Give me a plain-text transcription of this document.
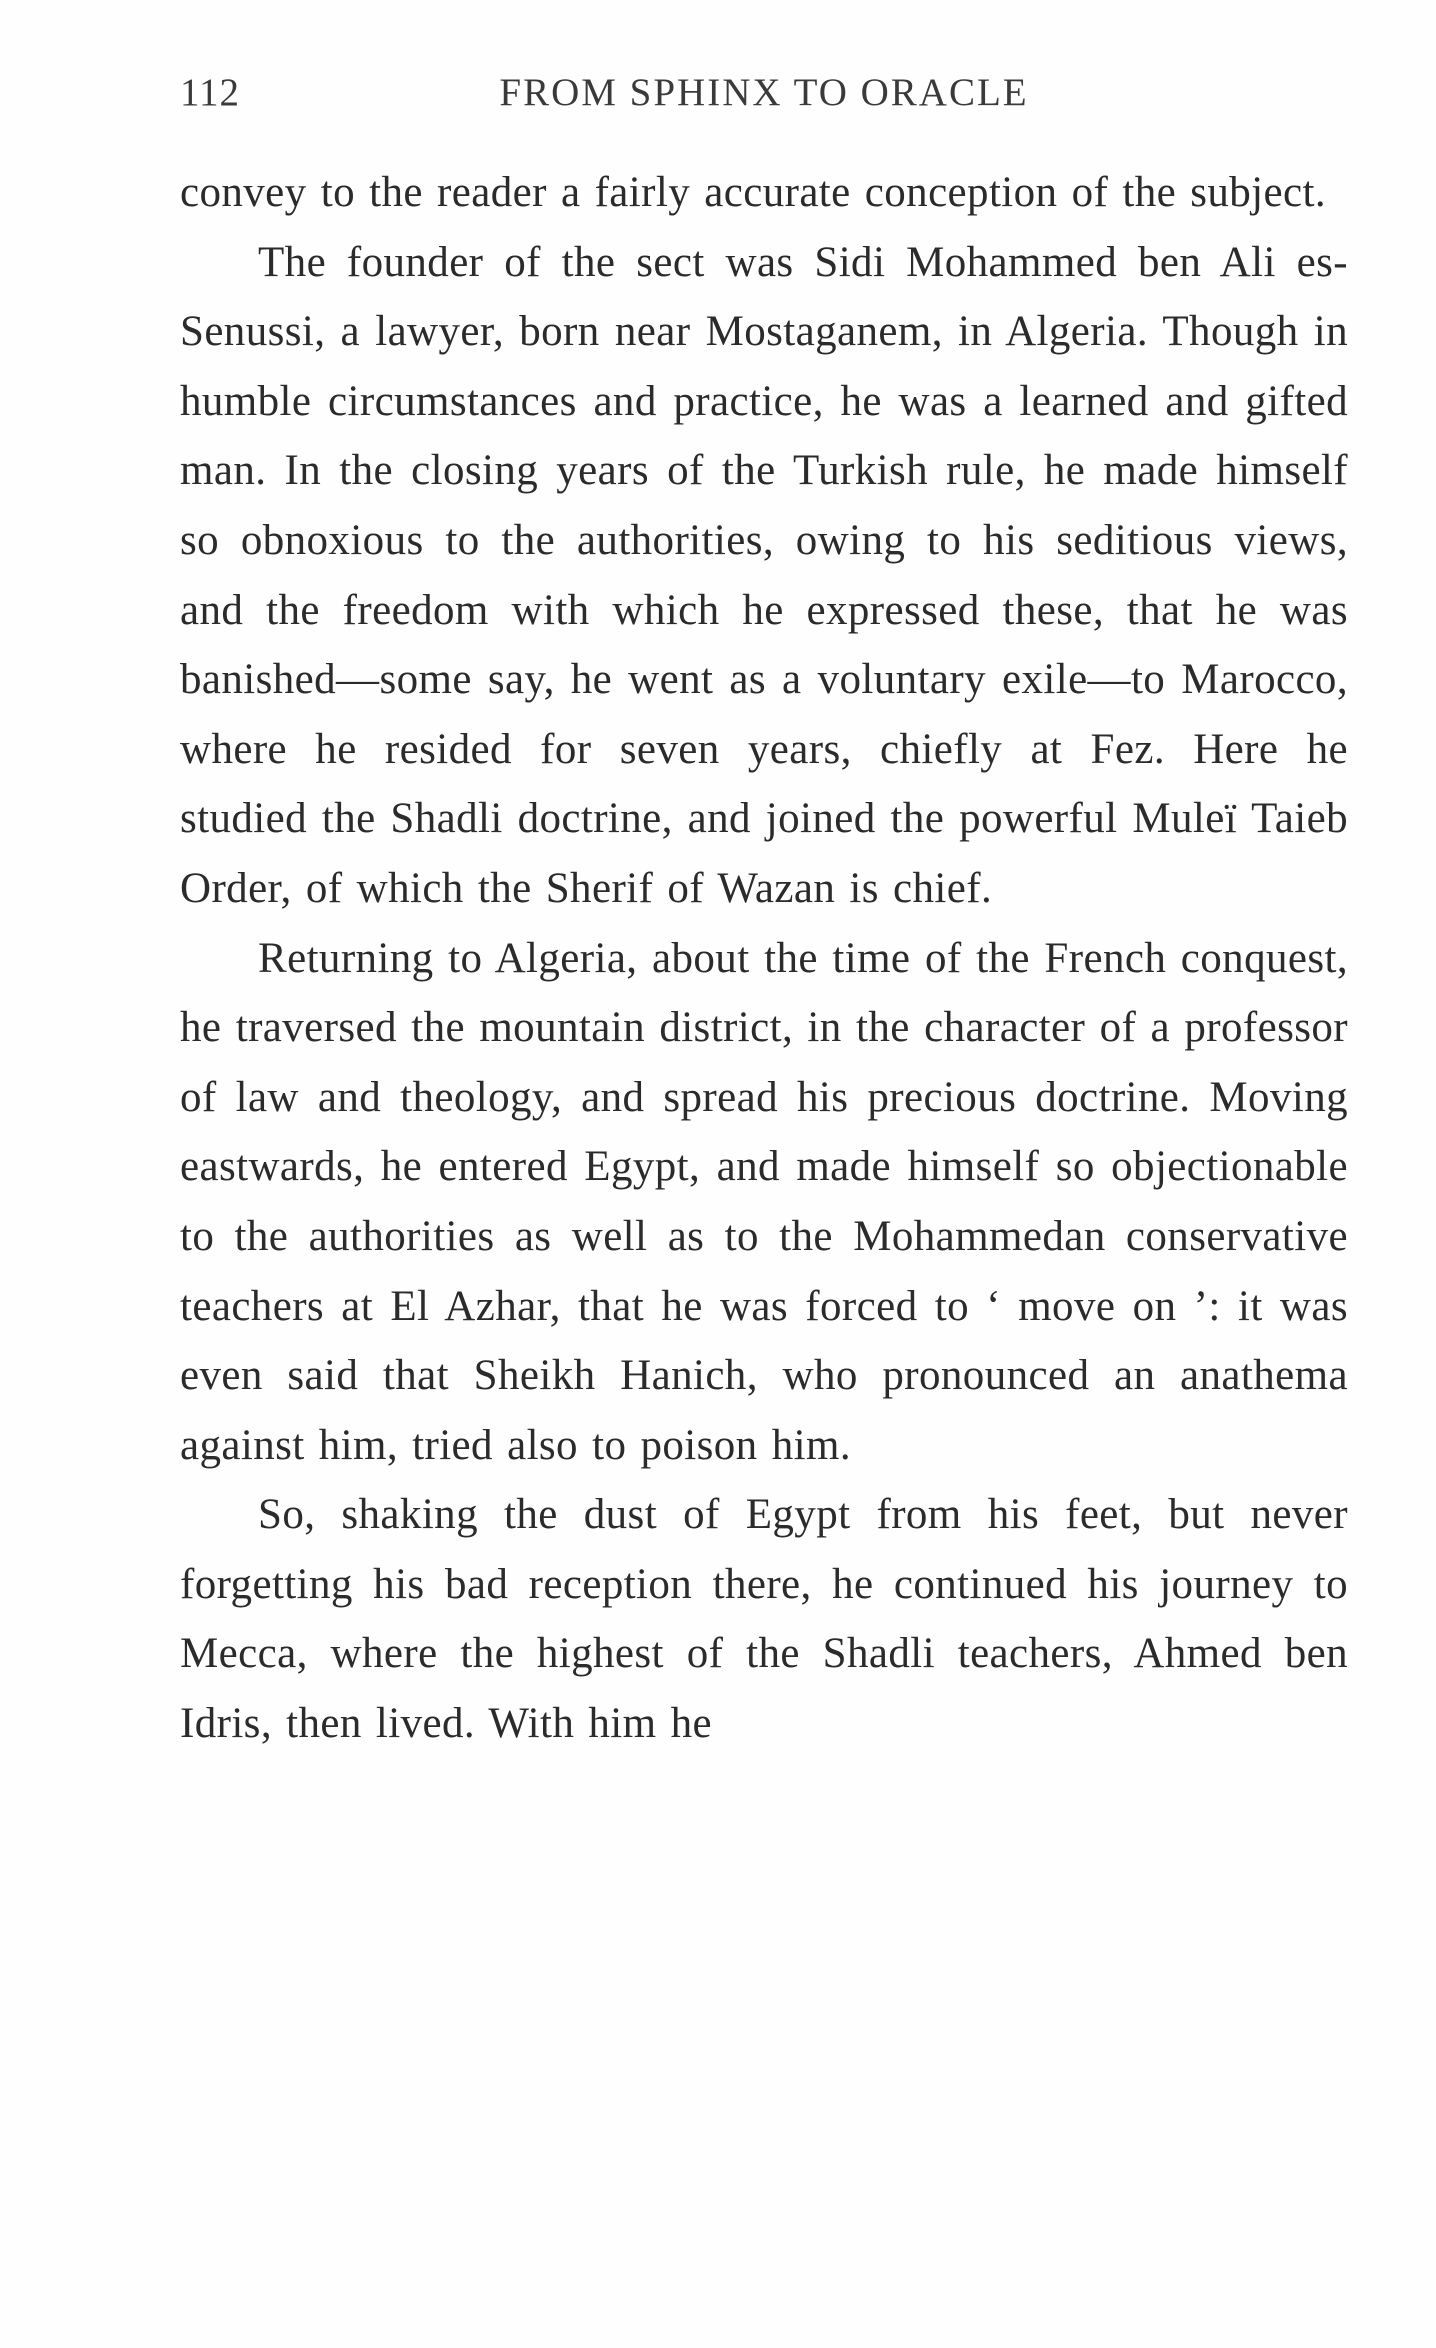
112	FROM SPHINX TO ORACLE

convey to the reader a fairly accurate conception of the subject.

The founder of the sect was Sidi Mohammed ben Ali es-Senussi, a lawyer, born near Mostaganem, in Algeria. Though in humble circumstances and practice, he was a learned and gifted man. In the closing years of the Turkish rule, he made himself so obnoxious to the authorities, owing to his seditious views, and the freedom with which he expressed these, that he was banished—some say, he went as a voluntary exile—to Marocco, where he resided for seven years, chiefly at Fez. Here he studied the Shadli doctrine, and joined the powerful Muleï Taieb Order, of which the Sherif of Wazan is chief.

Returning to Algeria, about the time of the French conquest, he traversed the mountain district, in the character of a professor of law and theology, and spread his precious doctrine. Moving eastwards, he entered Egypt, and made himself so objectionable to the authorities as well as to the Mohammedan conservative teachers at El Azhar, that he was forced to ‘ move on ’: it was even said that Sheikh Hanich, who pronounced an anathema against him, tried also to poison him.

So, shaking the dust of Egypt from his feet, but never forgetting his bad reception there, he continued his journey to Mecca, where the highest of the Shadli teachers, Ahmed ben Idris, then lived. With him he
